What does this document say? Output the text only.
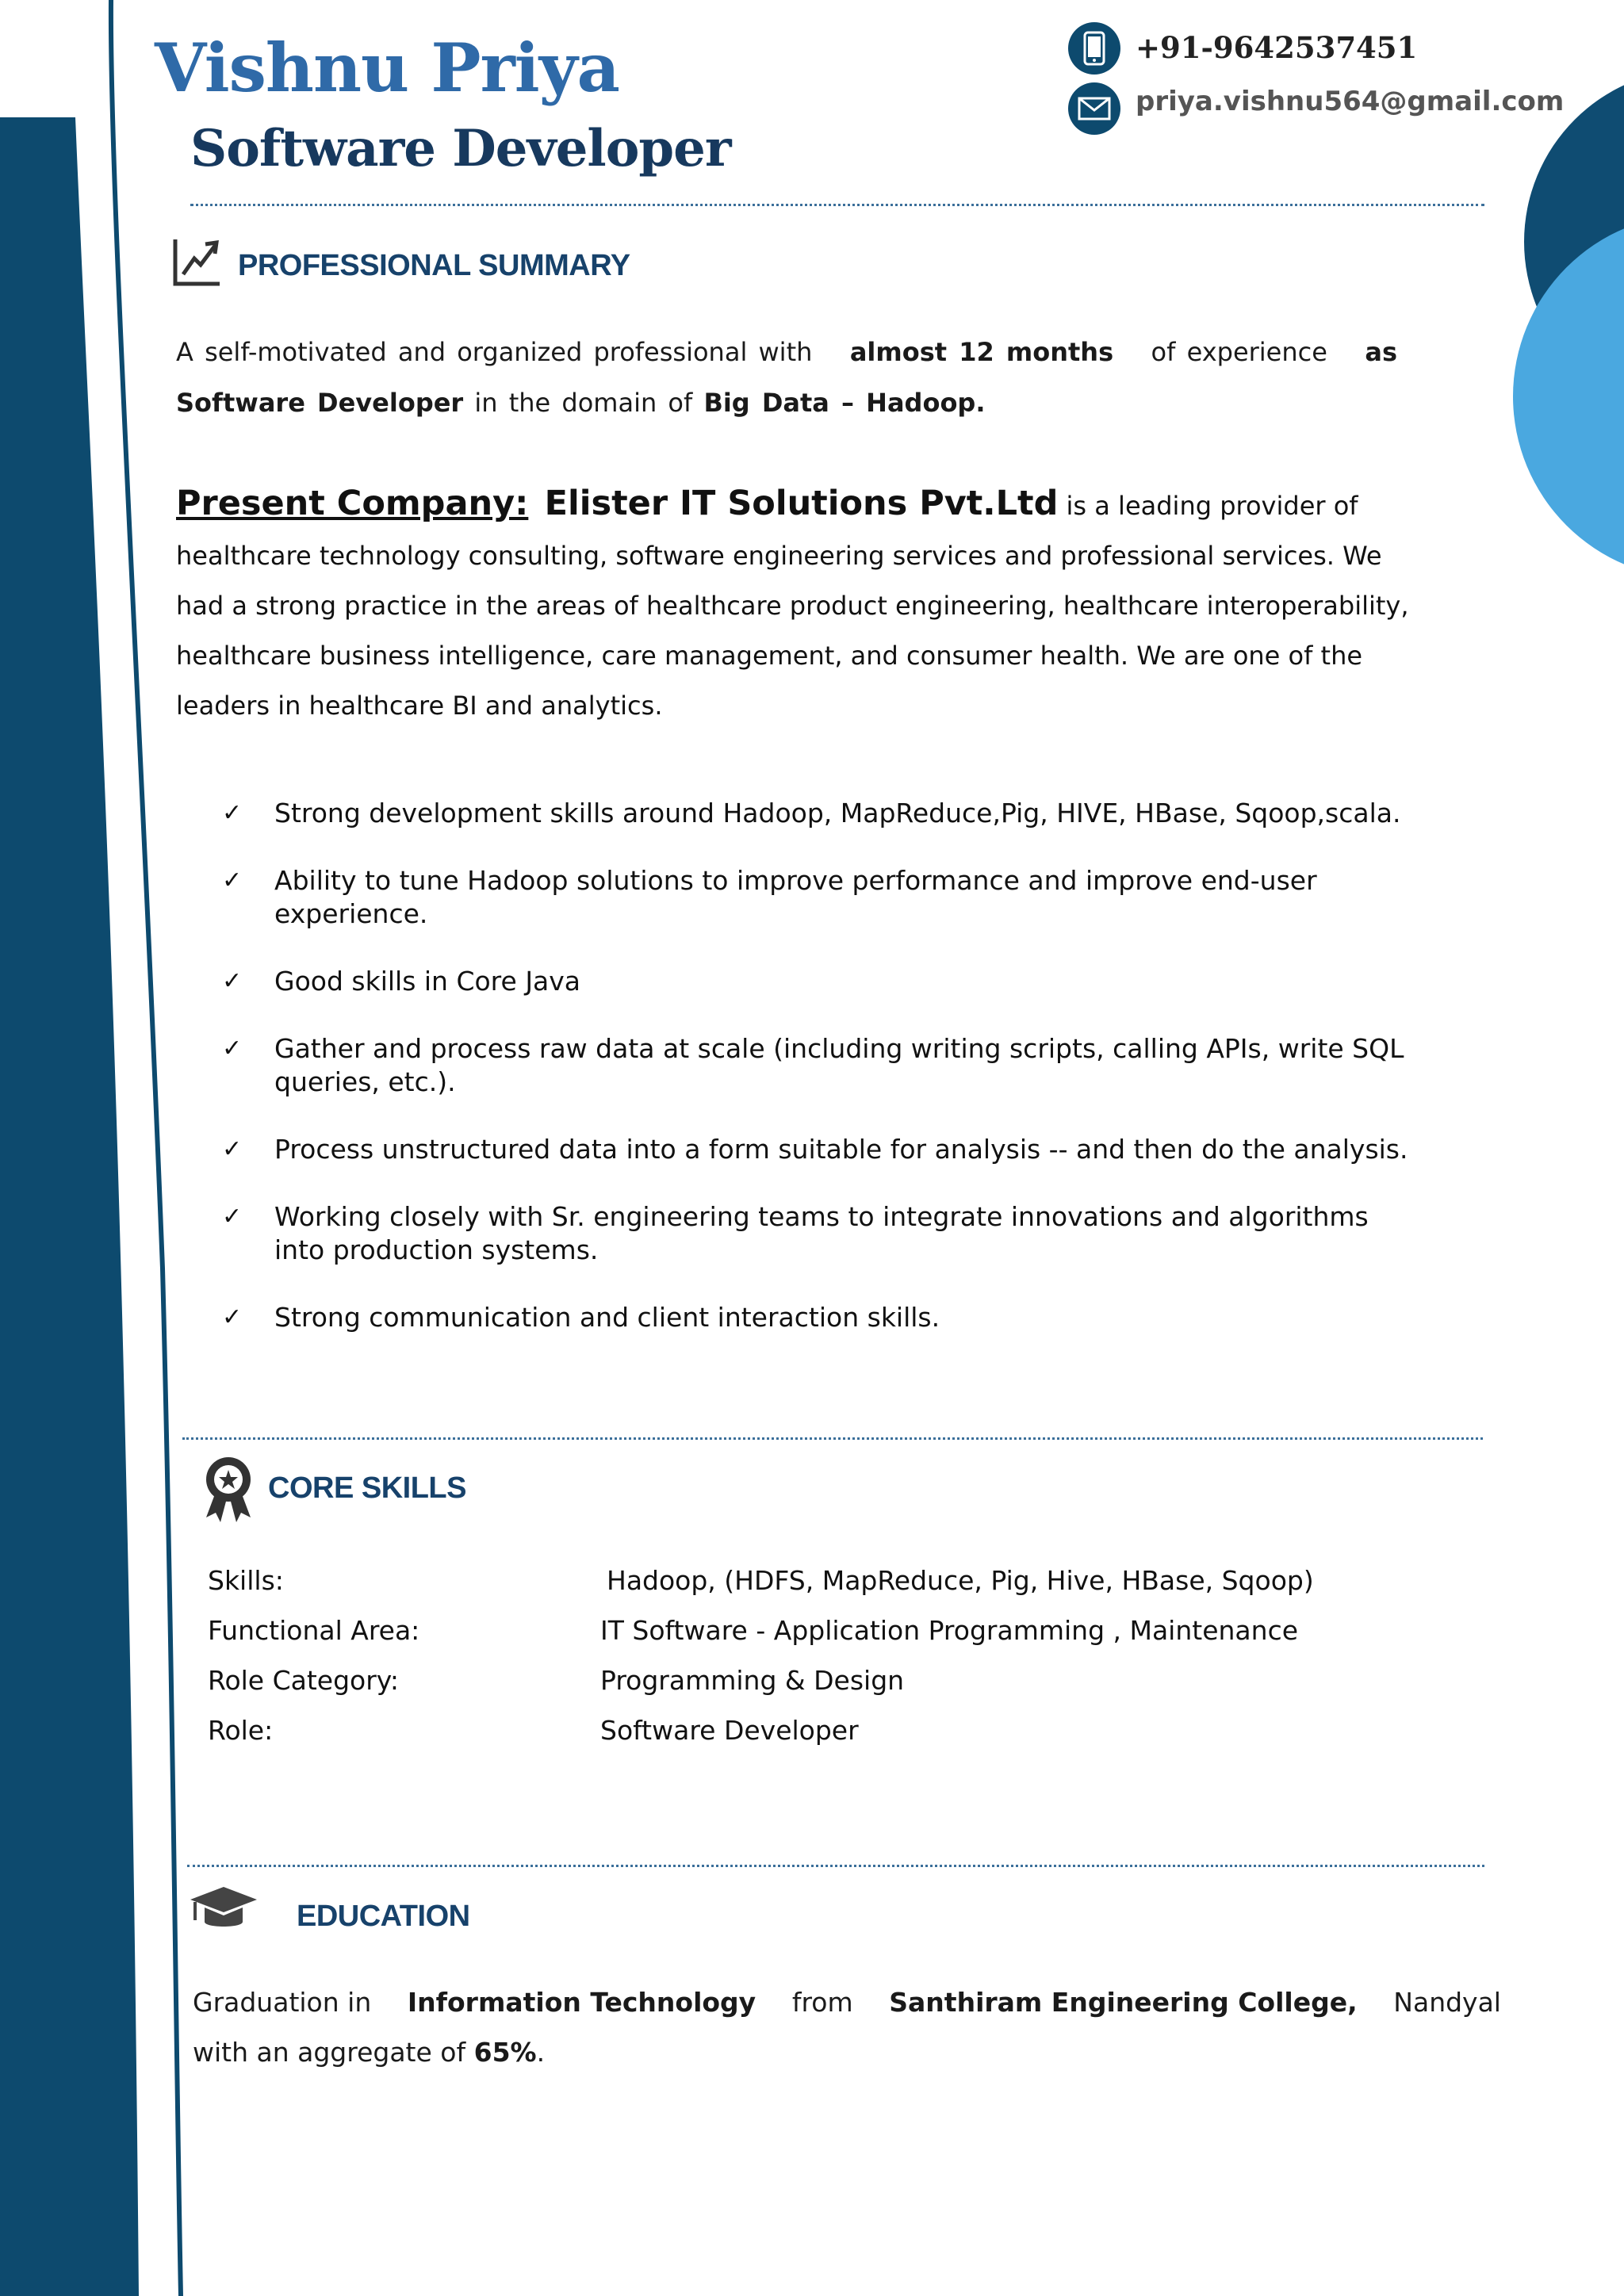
Vishnu Priya
Software Developer
+91-9642537451
priya.vishnu564@gmail.com
PROFESSIONAL SUMMARY
A self-motivated and organized professional with almost 12 months of experience as
Software Developer in the domain of Big Data – Hadoop.
Present Company: Elister IT Solutions Pvt.Ltd is a leading provider of healthcare technology consulting, software engineering services and professional services. We had a strong practice in the areas of healthcare product engineering, healthcare interoperability, healthcare business intelligence, care management, and consumer health. We are one of the leaders in healthcare BI and analytics.
✓ Strong development skills around Hadoop, MapReduce,Pig, HIVE, HBase, Sqoop,scala.
✓ Ability to tune Hadoop solutions to improve performance and improve end-user experience.
✓ Good skills in Core Java
✓ Gather and process raw data at scale (including writing scripts, calling APIs, write SQL queries, etc.).
✓ Process unstructured data into a form suitable for analysis -- and then do the analysis.
✓ Working closely with Sr. engineering teams to integrate innovations and algorithms into production systems.
✓ Strong communication and client interaction skills.
CORE SKILLS
Skills:	Hadoop, (HDFS, MapReduce, Pig, Hive, HBase, Sqoop)
Functional Area:	IT Software - Application Programming , Maintenance
Role Category:	Programming & Design
Role:	Software Developer
EDUCATION
Graduation in Information Technology from Santhiram Engineering College, Nandyal
with an aggregate of 65%.
